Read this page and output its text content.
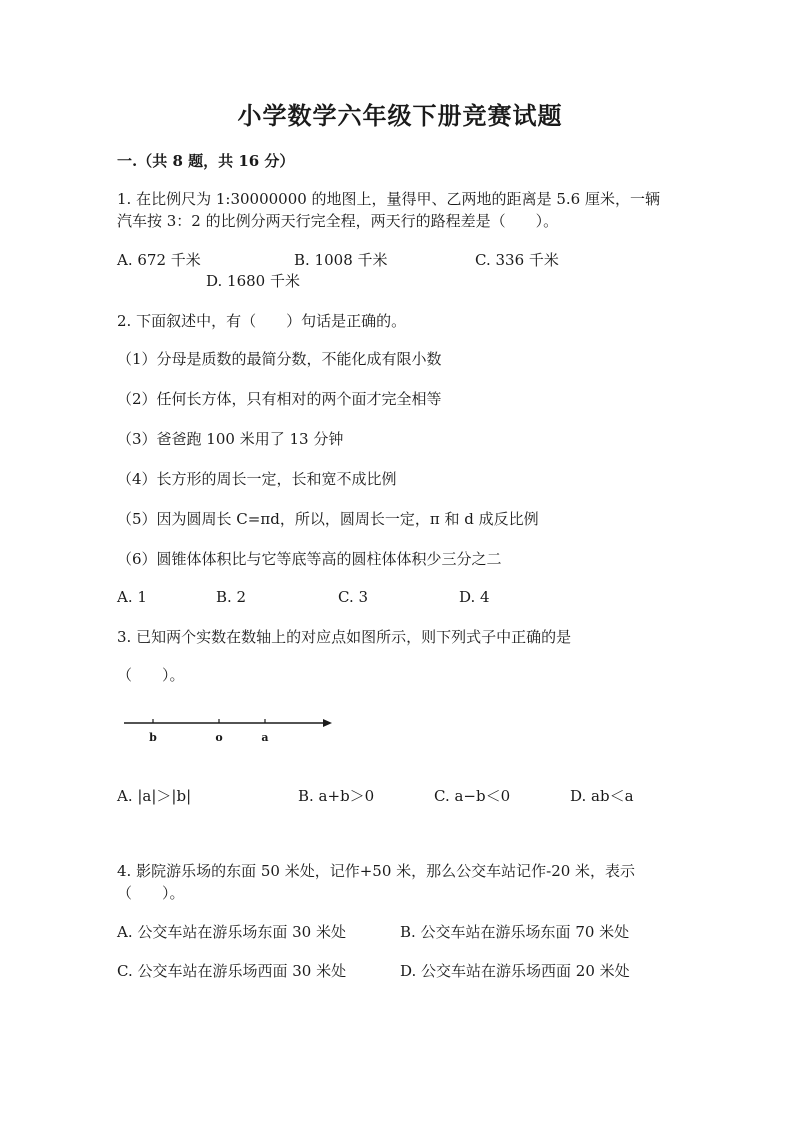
小学数学六年级下册竞赛试题
一.（共 8 题，共 16 分）
1. 在比例尺为 1:30000000 的地图上，量得甲、乙两地的距离是 5.6 厘米，一辆
汽车按 3：2 的比例分两天行完全程，两天行的路程差是（　　）。
A. 672 千米	B. 1008 千米	C. 336 千米
D. 1680 千米
2. 下面叙述中，有（　　）句话是正确的。
（1）分母是质数的最简分数，不能化成有限小数
（2）任何长方体，只有相对的两个面才完全相等
（3）爸爸跑 100 米用了 13 分钟
（4）长方形的周长一定，长和宽不成比例
（5）因为圆周长 C=πd，所以，圆周长一定，π 和 d 成反比例
（6）圆锥体体积比与它等底等高的圆柱体体积少三分之二
A. 1	B. 2	C. 3	D. 4
3. 已知两个实数在数轴上的对应点如图所示，则下列式子中正确的是
（　　）。
b	o	a
A. |a|＞|b|	B. a+b＞0	C. a−b＜0	D. ab＜a
4. 影院游乐场的东面 50 米处，记作+50 米，那么公交车站记作-20 米，表示
（　　）。
A. 公交车站在游乐场东面 30 米处	B. 公交车站在游乐场东面 70 米处
C. 公交车站在游乐场西面 30 米处	D. 公交车站在游乐场西面 20 米处
